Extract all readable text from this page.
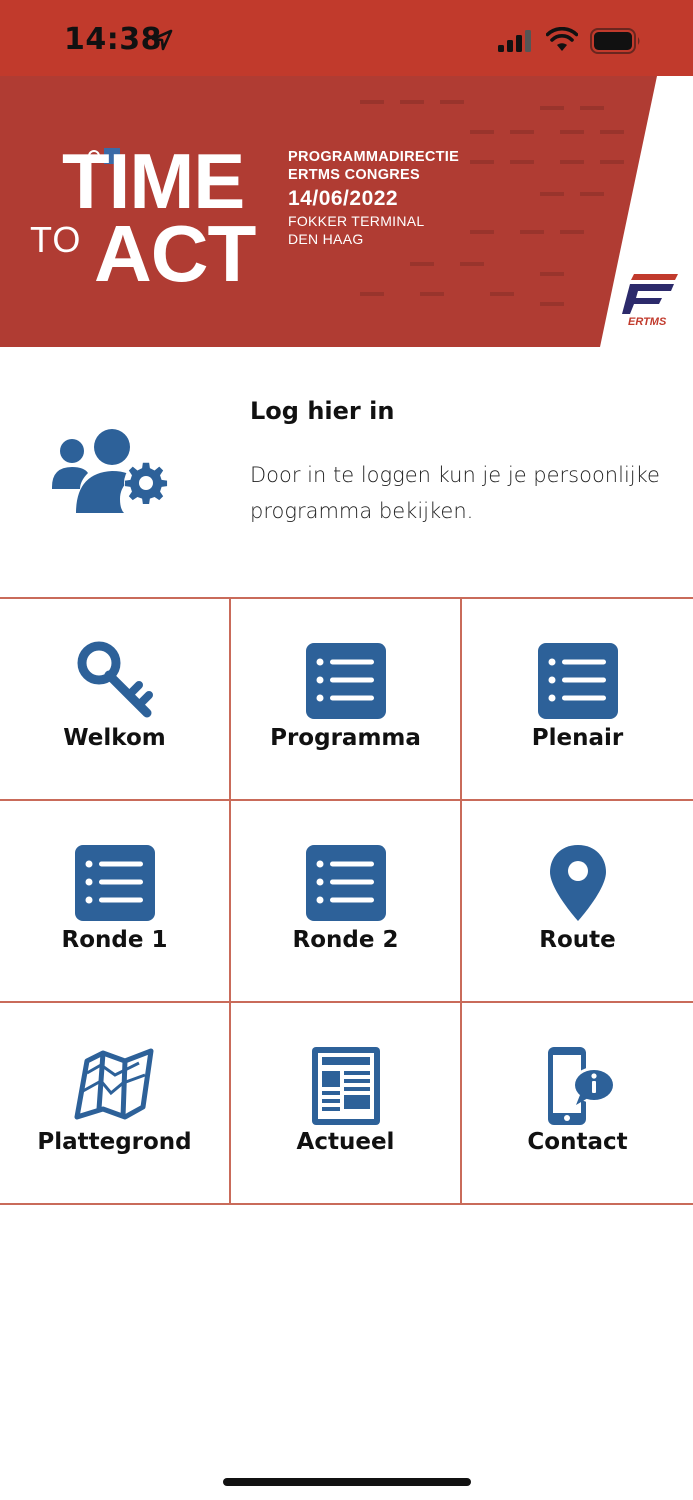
14:38
TIME
TO ACT
PROGRAMMADIRECTIE
ERTMS CONGRES
14/06/2022
FOKKER TERMINAL
DEN HAAG
ERTMS
Log hier in
Door in te loggen kun je je persoonlijke programma bekijken.
Welkom	Programma	Plenair
Ronde 1	Ronde 2	Route
Plattegrond	Actueel	Contact
